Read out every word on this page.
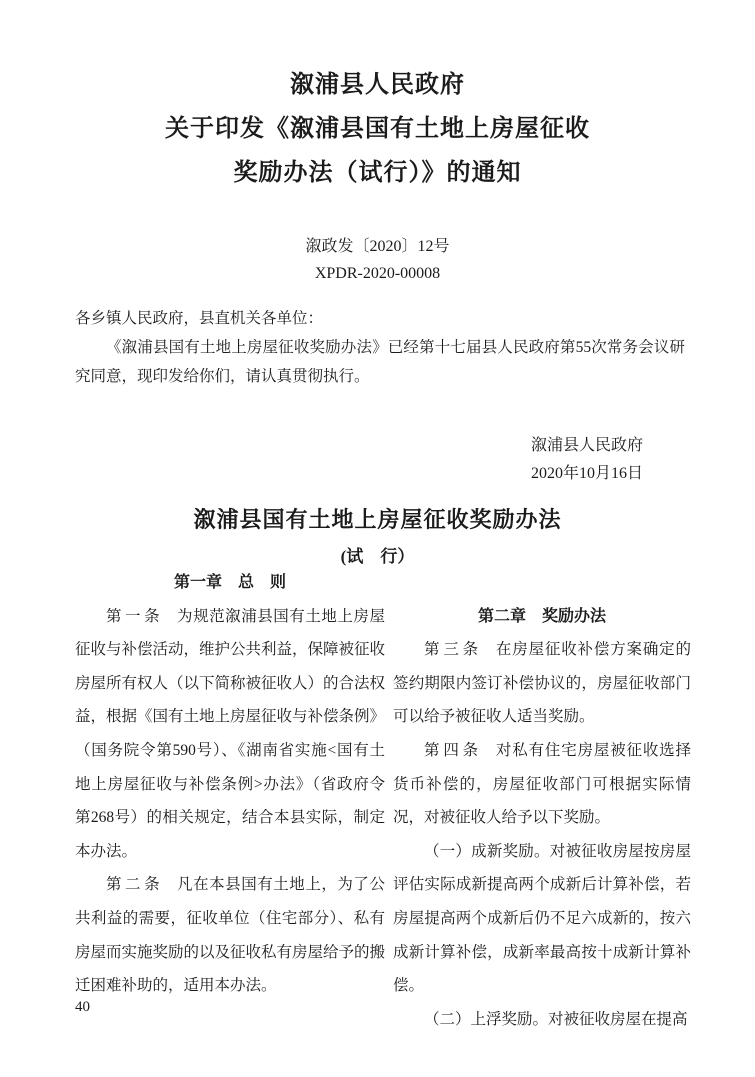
溆浦县人民政府
关于印发《溆浦县国有土地上房屋征收
奖励办法（试行）》的通知
溆政发〔2020〕12号
XPDR-2020-00008

各乡镇人民政府，县直机关各单位：

《溆浦县国有土地上房屋征收奖励办法》已经第十七届县人民政府第55次常务会议研究同意，现印发给你们，请认真贯彻执行。

溆浦县人民政府
2020年10月16日
溆浦县国有土地上房屋征收奖励办法
(试　行）

第一章　总　则

第一条 为规范溆浦县国有土地上房屋征收与补偿活动，维护公共利益，保障被征收房屋所有权人（以下简称被征收人）的合法权益，根据《国有土地上房屋征收与补偿条例》（国务院令第590号）、《湖南省实施<国有土地上房屋征收与补偿条例>办法》（省政府令第268号）的相关规定，结合本县实际，制定本办法。

第二条 凡在本县国有土地上，为了公共利益的需要，征收单位（住宅部分）、私有房屋而实施奖励的以及征收私有房屋给予的搬迁困难补助的，适用本办法。

第二章　奖励办法

第三条 在房屋征收补偿方案确定的签约期限内签订补偿协议的，房屋征收部门可以给予被征收人适当奖励。

第四条 对私有住宅房屋被征收选择货币补偿的，房屋征收部门可根据实际情况，对被征收人给予以下奖励。

（一）成新奖励。对被征收房屋按房屋评估实际成新提高两个成新后计算补偿，若房屋提高两个成新后仍不足六成新的，按六成新计算补偿，成新率最高按十成新计算补偿。

（二）上浮奖励。对被征收房屋在提高

40
